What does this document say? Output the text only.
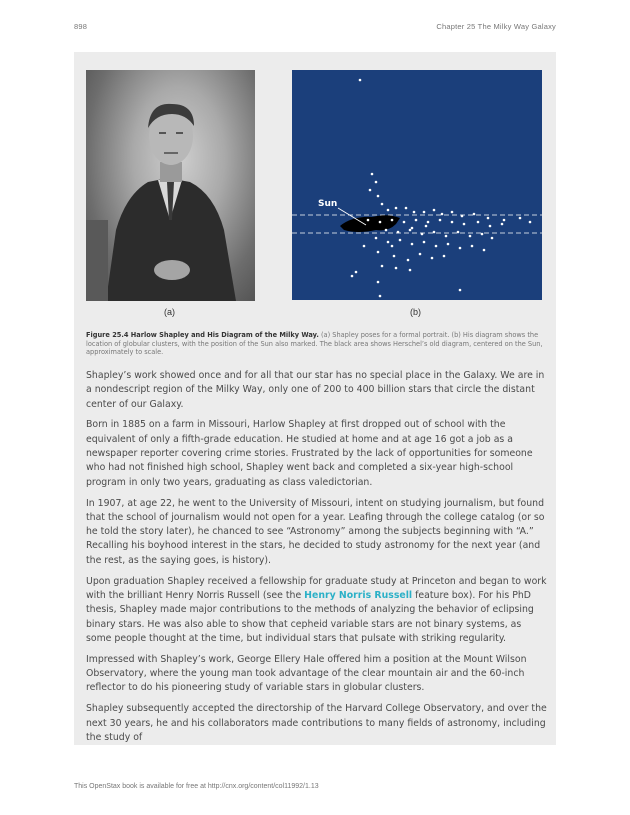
898	Chapter 25 The Milky Way Galaxy
Sun
(a)	(b)
Figure 25.4 Harlow Shapley and His Diagram of the Milky Way. (a) Shapley poses for a formal portrait. (b) His diagram shows the location of globular clusters, with the position of the Sun also marked. The black area shows Herschel’s old diagram, centered on the Sun, approximately to scale.

Shapley’s work showed once and for all that our star has no special place in the Galaxy. We are in a nondescript region of the Milky Way, only one of 200 to 400 billion stars that circle the distant center of our Galaxy.

Born in 1885 on a farm in Missouri, Harlow Shapley at first dropped out of school with the equivalent of only a fifth-grade education. He studied at home and at age 16 got a job as a newspaper reporter covering crime stories. Frustrated by the lack of opportunities for someone who had not finished high school, Shapley went back and completed a six-year high-school program in only two years, graduating as class valedictorian.

In 1907, at age 22, he went to the University of Missouri, intent on studying journalism, but found that the school of journalism would not open for a year. Leafing through the college catalog (or so he told the story later), he chanced to see “Astronomy” among the subjects beginning with “A.” Recalling his boyhood interest in the stars, he decided to study astronomy for the next year (and the rest, as the saying goes, is history).

Upon graduation Shapley received a fellowship for graduate study at Princeton and began to work with the brilliant Henry Norris Russell (see the Henry Norris Russell feature box). For his PhD thesis, Shapley made major contributions to the methods of analyzing the behavior of eclipsing binary stars. He was also able to show that cepheid variable stars are not binary systems, as some people thought at the time, but individual stars that pulsate with striking regularity.

Impressed with Shapley’s work, George Ellery Hale offered him a position at the Mount Wilson Observatory, where the young man took advantage of the clear mountain air and the 60-inch reflector to do his pioneering study of variable stars in globular clusters.

Shapley subsequently accepted the directorship of the Harvard College Observatory, and over the next 30 years, he and his collaborators made contributions to many fields of astronomy, including the study of

This OpenStax book is available for free at http://cnx.org/content/col11992/1.13
